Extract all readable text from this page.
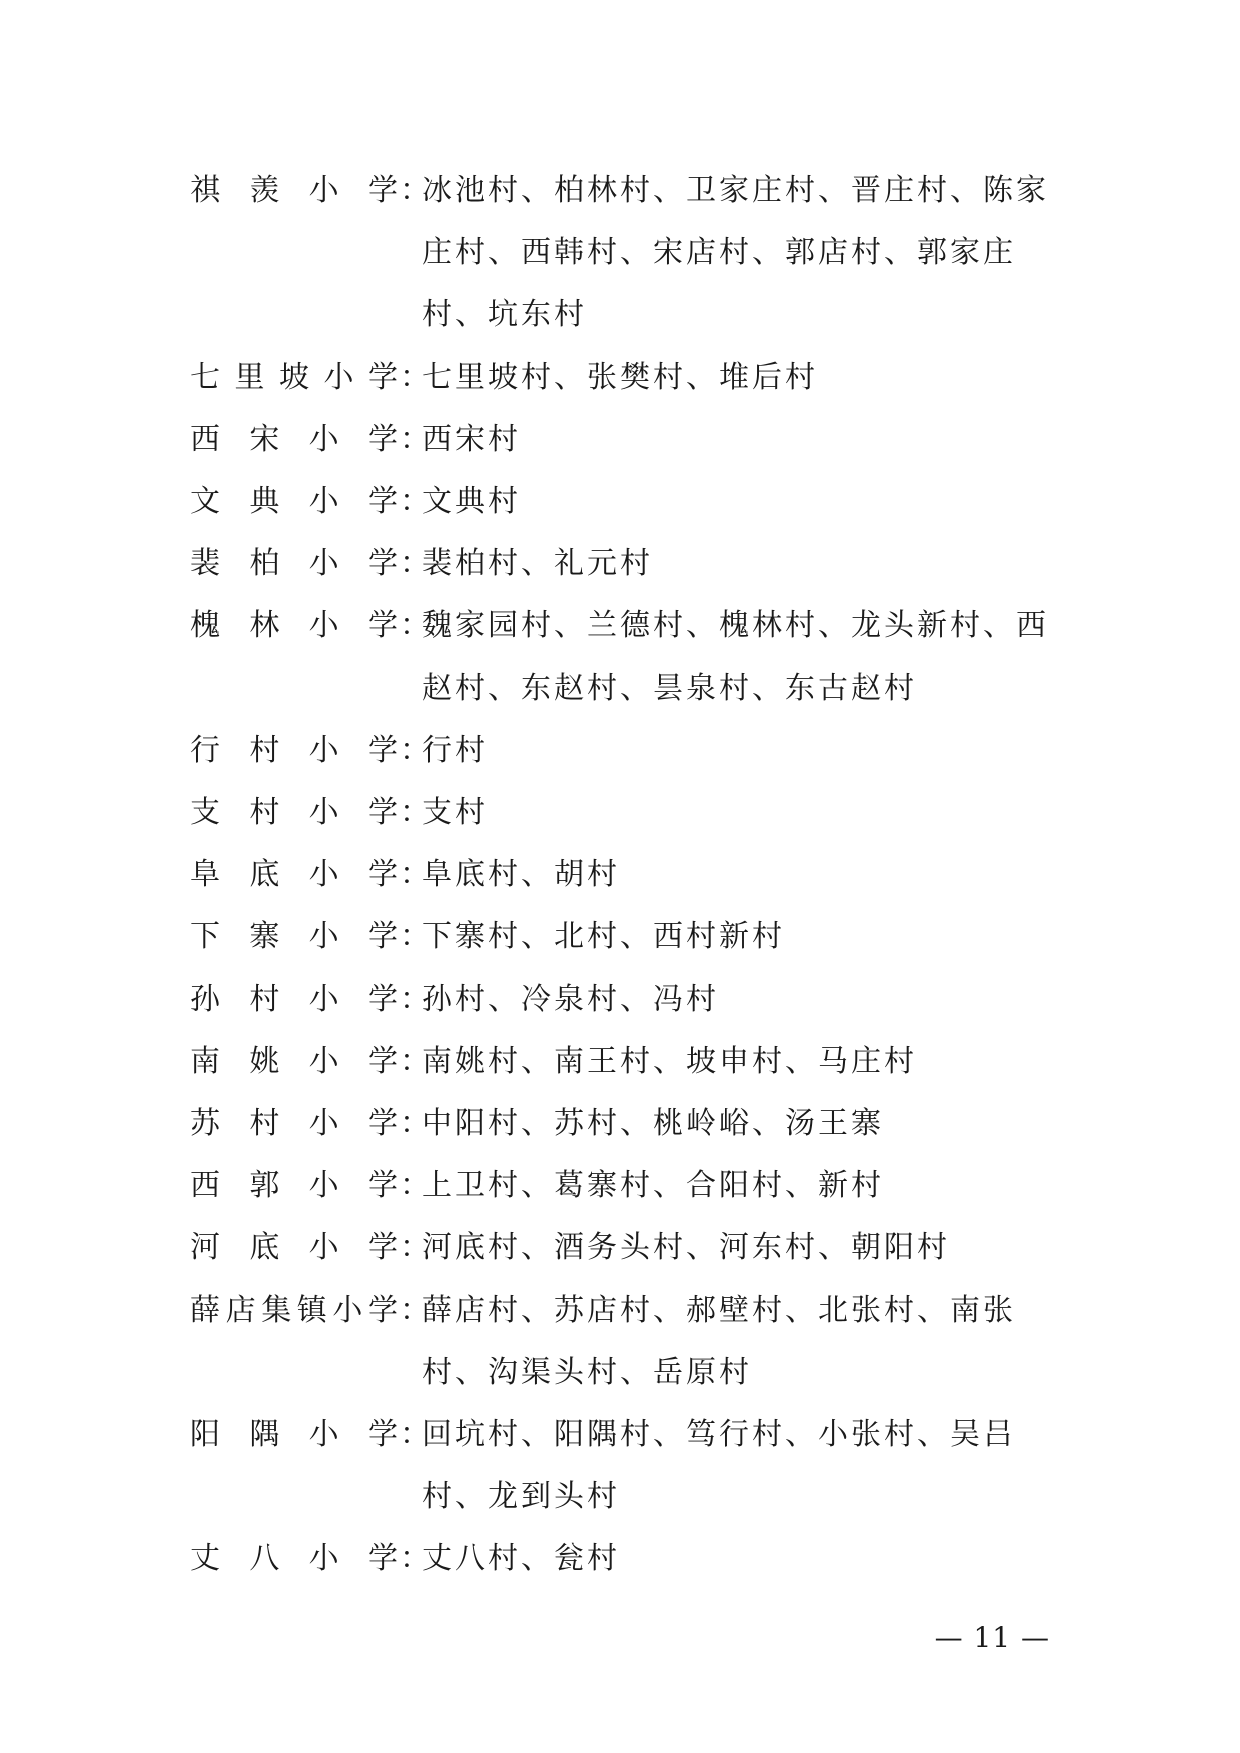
祺 羡 小 学 ：
冰池村、柏林村、卫家庄村、晋庄村、陈家庄村、西韩村、宋店村、郭店村、郭家庄村、坑东村
七 里 坡 小 学 ：
七里坡村、张樊村、堆后村
西 宋 小 学 ：
西宋村
文 典 小 学 ：
文典村
裴 柏 小 学 ：
裴柏村、礼元村
槐 林 小 学 ：
魏家园村、兰德村、槐林村、龙头新村、西赵村、东赵村、昙泉村、东古赵村
行 村 小 学 ：
行村
支 村 小 学 ：
支村
阜 底 小 学 ：
阜底村、胡村
下 寨 小 学 ：
下寨村、北村、西村新村
孙 村 小 学 ：
孙村、冷泉村、冯村
南 姚 小 学 ：
南姚村、南王村、坡申村、马庄村
苏 村 小 学 ：
中阳村、苏村、桃岭峪、汤王寨
西 郭 小 学 ：
上卫村、葛寨村、合阳村、新村
河 底 小 学 ：
河底村、酒务头村、河东村、朝阳村
薛 店 集 镇 小 学 ：
薛店村、苏店村、郝壁村、北张村、南张村、沟渠头村、岳原村
阳 隅 小 学 ：
回坑村、阳隅村、笃行村、小张村、吴吕村、龙到头村
丈 八 小 学 ：
丈八村、瓮村
— 11 —
